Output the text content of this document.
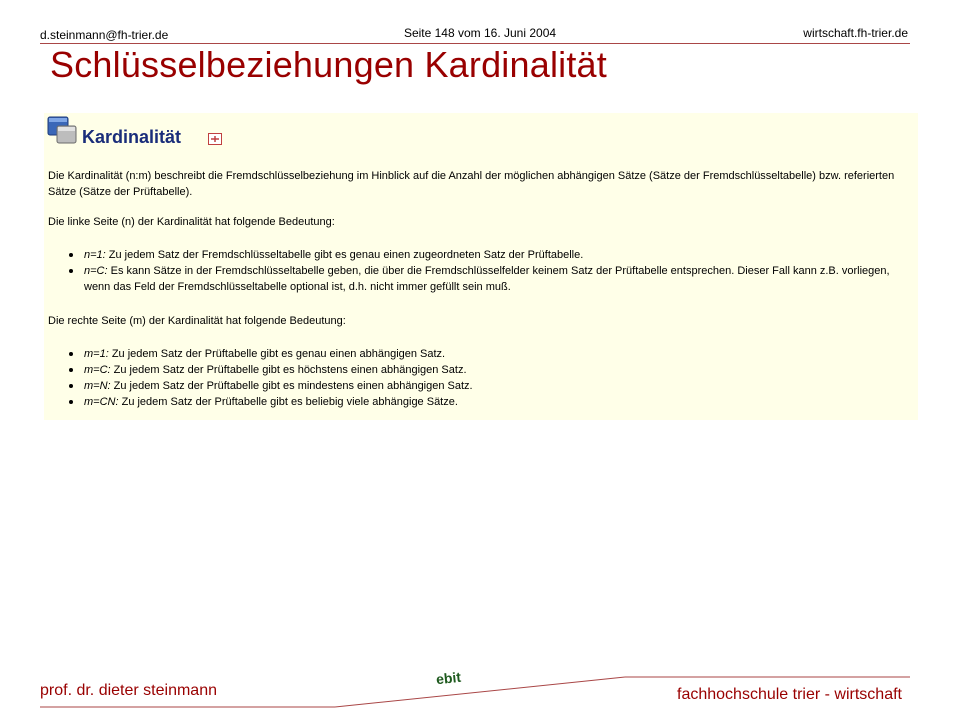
d.steinmann@fh-trier.de	Seite 148 vom 16. Juni 2004	wirtschaft.fh-trier.de
Schlüsselbeziehungen Kardinalität
Kardinalität
Die Kardinalität (n:m) beschreibt die Fremdschlüsselbeziehung im Hinblick auf die Anzahl der möglichen abhängigen Sätze (Sätze der Fremdschlüsseltabelle) bzw. referierten Sätze (Sätze der Prüftabelle).
Die linke Seite (n) der Kardinalität hat folgende Bedeutung:
n=1: Zu jedem Satz der Fremdschlüsseltabelle gibt es genau einen zugeordneten Satz der Prüftabelle.
n=C: Es kann Sätze in der Fremdschlüsseltabelle geben, die über die Fremdschlüsselfelder keinem Satz der Prüftabelle entsprechen. Dieser Fall kann z.B. vorliegen, wenn das Feld der Fremdschlüsseltabelle optional ist, d.h. nicht immer gefüllt sein muß.
Die rechte Seite (m) der Kardinalität hat folgende Bedeutung:
m=1: Zu jedem Satz der Prüftabelle gibt es genau einen abhängigen Satz.
m=C: Zu jedem Satz der Prüftabelle gibt es höchstens einen abhängigen Satz.
m=N: Zu jedem Satz der Prüftabelle gibt es mindestens einen abhängigen Satz.
m=CN: Zu jedem Satz der Prüftabelle gibt es beliebig viele abhängige Sätze.
prof. dr. dieter steinmann
ebit
fachhochschule trier - wirtschaft
